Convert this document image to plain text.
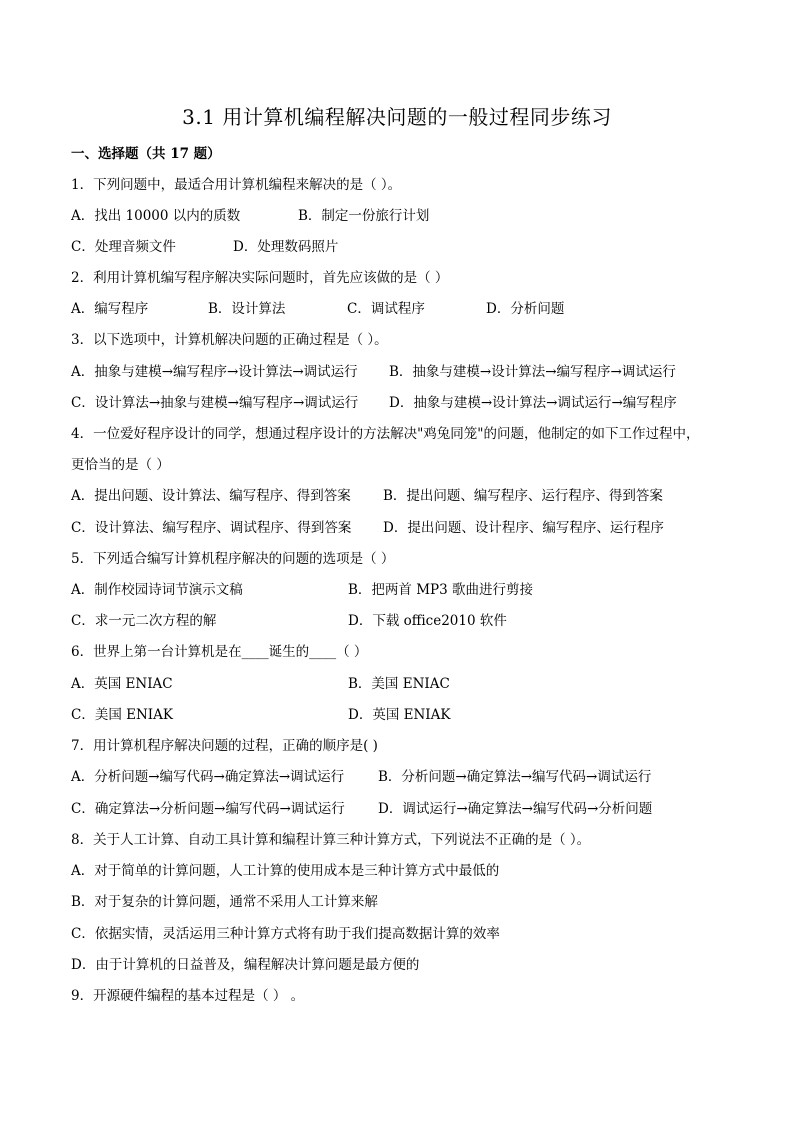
3.1 用计算机编程解决问题的一般过程同步练习
一、选择题（共 17 题）
1．下列问题中，最适合用计算机编程来解决的是（ ）。
A．找出 10000 以内的质数	B．制定一份旅行计划
C．处理音频文件	D．处理数码照片
2．利用计算机编写程序解决实际问题时，首先应该做的是（ ）
A．编写程序	B．设计算法	C．调试程序	D．分析问题
3．以下选项中，计算机解决问题的正确过程是（ ）。
A．抽象与建模→编写程序→设计算法→调试运行 B．抽象与建模→设计算法→编写程序→调试运行
C．设计算法→抽象与建模→编写程序→调试运行 D．抽象与建模→设计算法→调试运行→编写程序
4．一位爱好程序设计的同学，想通过程序设计的方法解决"鸡兔同笼"的问题，他制定的如下工作过程中，
更恰当的是（ ）
A．提出问题、设计算法、编写程序、得到答案 B．提出问题、编写程序、运行程序、得到答案
C．设计算法、编写程序、调试程序、得到答案 D．提出问题、设计程序、编写程序、运行程序
5．下列适合编写计算机程序解决的问题的选项是（ ）
A．制作校园诗词节演示文稿	B．把两首 MP3 歌曲进行剪接
C．求一元二次方程的解	D．下载 office2010 软件
6．世界上第一台计算机是在____诞生的____（ ）
A．英国 ENIAC	B．美国 ENIAC
C．美国 ENIAK	D．英国 ENIAK
7．用计算机程序解决问题的过程，正确的顺序是( )
A．分析问题→编写代码→确定算法→调试运行	B．分析问题→确定算法→编写代码→调试运行
C．确定算法→分析问题→编写代码→调试运行 D．调试运行→确定算法→编写代码→分析问题
8．关于人工计算、自动工具计算和编程计算三种计算方式，下列说法不正确的是（ ）。
A．对于简单的计算问题，人工计算的使用成本是三种计算方式中最低的
B．对于复杂的计算问题，通常不采用人工计算来解
C．依据实情，灵活运用三种计算方式将有助于我们提高数据计算的效率
D．由于计算机的日益普及，编程解决计算问题是最方便的
9．开源硬件编程的基本过程是（ ） 。
